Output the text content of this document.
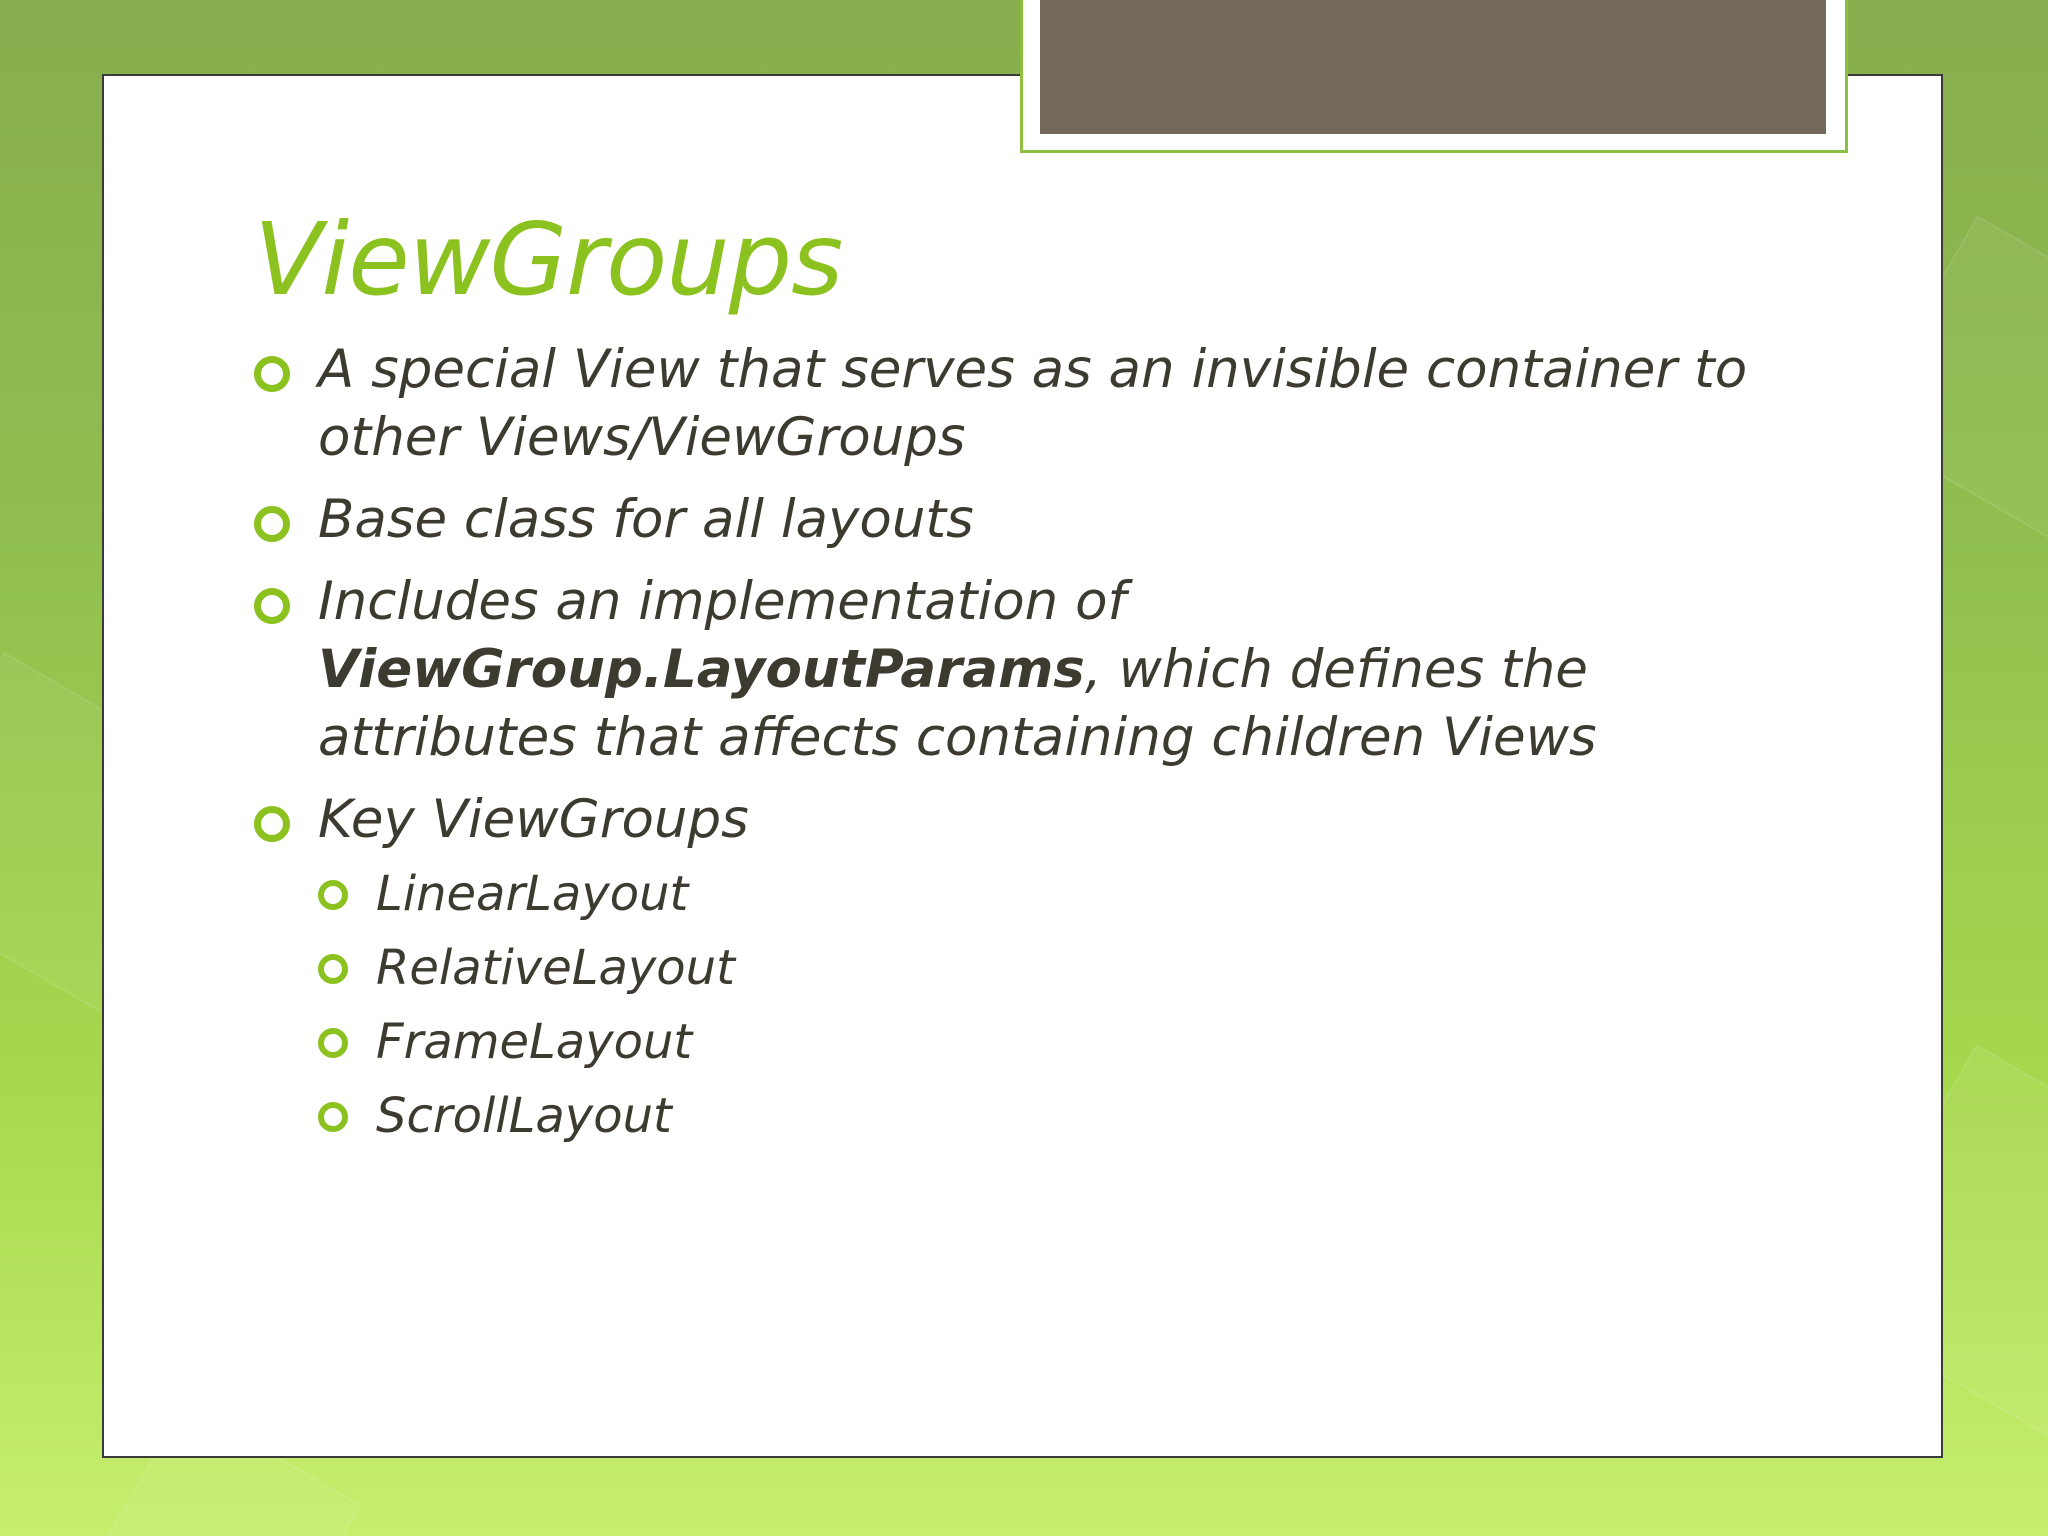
ViewGroups
A special View that serves as an invisible container to other Views/ViewGroups
Base class for all layouts
Includes an implementation of
ViewGroup.LayoutParams, which defines the attributes that affects containing children Views
Key ViewGroups
LinearLayout
RelativeLayout
FrameLayout
ScrollLayout
